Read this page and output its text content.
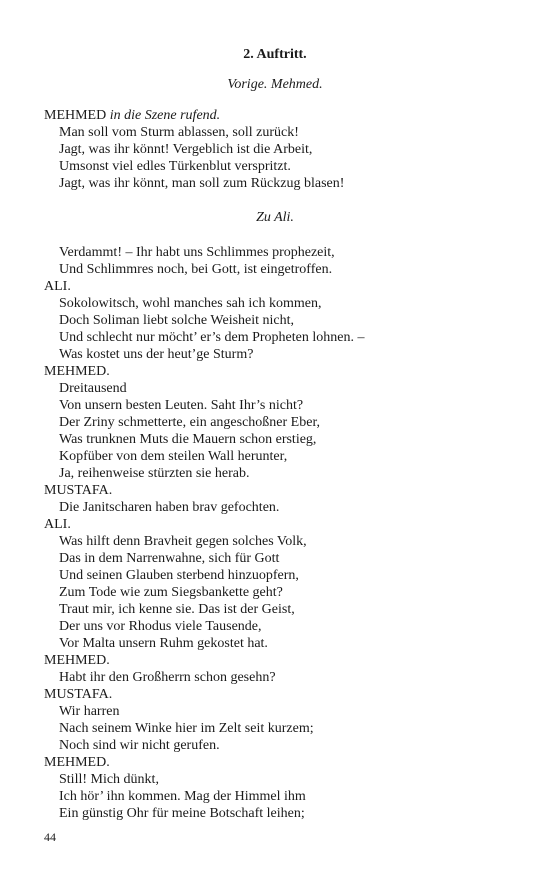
2. Auftritt.

Vorige. Mehmed.

MEHMED in die Szene rufend.
Man soll vom Sturm ablassen, soll zurück!
Jagt, was ihr könnt! Vergeblich ist die Arbeit,
Umsonst viel edles Türkenblut verspritzt.
Jagt, was ihr könnt, man soll zum Rückzug blasen!

Zu Ali.

Verdammt! – Ihr habt uns Schlimmes prophezeit,
Und Schlimmres noch, bei Gott, ist eingetroffen.
ALI.
Sokolowitsch, wohl manches sah ich kommen,
Doch Soliman liebt solche Weisheit nicht,
Und schlecht nur möcht’ er’s dem Propheten lohnen. –
Was kostet uns der heut’ge Sturm?
MEHMED.
Dreitausend
Von unsern besten Leuten. Saht Ihr’s nicht?
Der Zriny schmetterte, ein angeschoßner Eber,
Was trunknen Muts die Mauern schon erstieg,
Kopfüber von dem steilen Wall herunter,
Ja, reihenweise stürzten sie herab.
MUSTAFA.
Die Janitscharen haben brav gefochten.
ALI.
Was hilft denn Bravheit gegen solches Volk,
Das in dem Narrenwahne, sich für Gott
Und seinen Glauben sterbend hinzuopfern,
Zum Tode wie zum Siegsbankette geht?
Traut mir, ich kenne sie. Das ist der Geist,
Der uns vor Rhodus viele Tausende,
Vor Malta unsern Ruhm gekostet hat.
MEHMED.
Habt ihr den Großherrn schon gesehn?
MUSTAFA.
Wir harren
Nach seinem Winke hier im Zelt seit kurzem;
Noch sind wir nicht gerufen.
MEHMED.
Still! Mich dünkt,
Ich hör’ ihn kommen. Mag der Himmel ihm
Ein günstig Ohr für meine Botschaft leihen;

44
